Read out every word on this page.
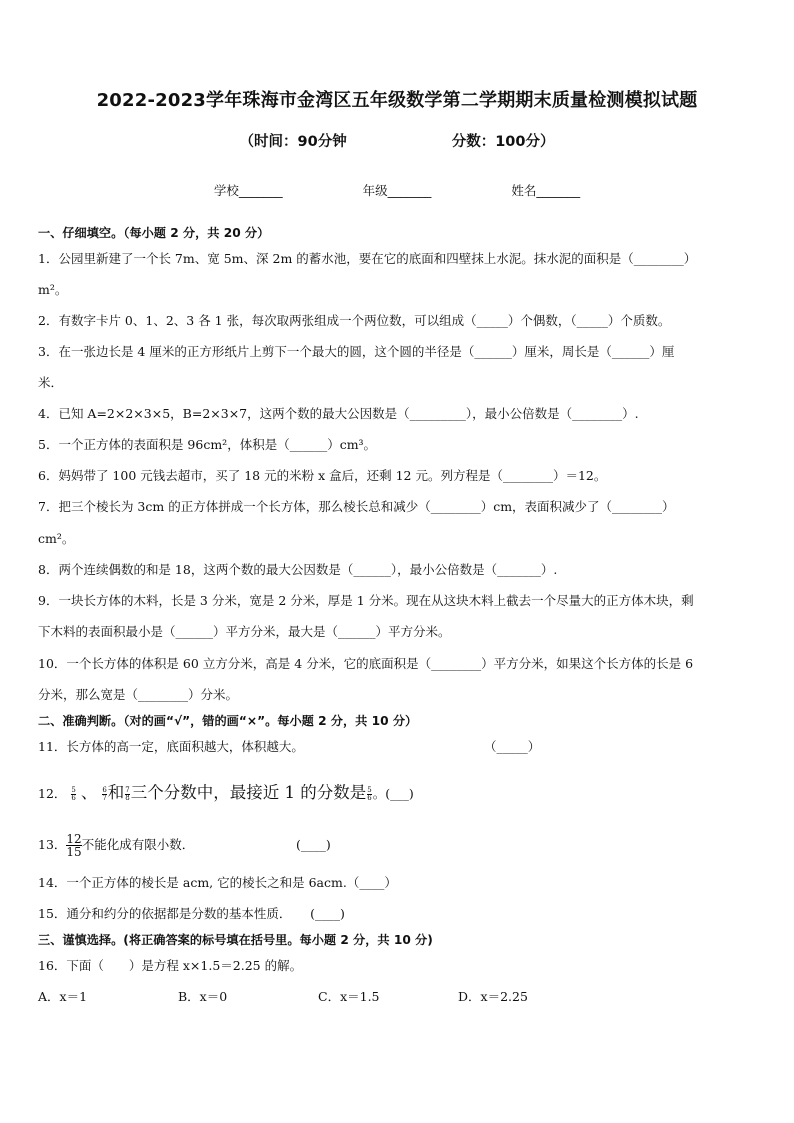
2022-2023学年珠海市金湾区五年级数学第二学期期末质量检测模拟试题
（时间：90分钟	分数：100分）
学校_______	年级_______	姓名_______
一、仔细填空。（每小题 2 分，共 20 分）
1．公园里新建了一个长 7m、宽 5m、深 2m 的蓄水池，要在它的底面和四壁抹上水泥。抹水泥的面积是（________）
m²。
2．有数字卡片 0、1、2、3 各 1 张，每次取两张组成一个两位数，可以组成（_____）个偶数，（_____）个质数。
3．在一张边长是 4 厘米的正方形纸片上剪下一个最大的圆，这个圆的半径是（______）厘米，周长是（______）厘
米．
4．已知 A=2×2×3×5，B=2×3×7，这两个数的最大公因数是（_________），最小公倍数是（________）.
5．一个正方体的表面积是 96cm²，体积是（______）cm³。
6．妈妈带了 100 元钱去超市，买了 18 元的米粉 x 盒后，还剩 12 元。列方程是（________）＝12。
7．把三个棱长为 3cm 的正方体拼成一个长方体，那么棱长总和减少（________）cm，表面积减少了（________）
cm²。
8．两个连续偶数的和是 18，这两个数的最大公因数是（______），最小公倍数是（_______）.
9．一块长方体的木料，长是 3 分米，宽是 2 分米，厚是 1 分米。现在从这块木料上截去一个尽量大的正方体木块，剩
下木料的表面积最小是（______）平方分米，最大是（______）平方分米。
10．一个长方体的体积是 60 立方分米，高是 4 分米，它的底面积是（________）平方分米，如果这个长方体的长是 6
分米，那么宽是（________）分米。
二、准确判断。（对的画“√”，错的画“×”。每小题 2 分，共 10 分）
11．长方体的高一定，底面积越大，体积越大。	（_____）
12． $\frac{5}{6}$ 、 $\frac{6}{7}$ 和 $\frac{7}{8}$ 三个分数中，最接近 1 的分数是 $\frac{5}{6}$ 。(___)
13． $\frac{12}{15}$ 不能化成有限小数．	(____)
14．一个正方体的棱长是 acm, 它的棱长之和是 6acm.（____）
15．通分和约分的依据都是分数的基本性质．　　(____)
三、谨慎选择。(将正确答案的标号填在括号里。每小题 2 分，共 10 分)
16．下面（　　）是方程 x×1.5＝2.25 的解。
A．x＝1	B．x＝0	C．x＝1.5	D．x＝2.25
